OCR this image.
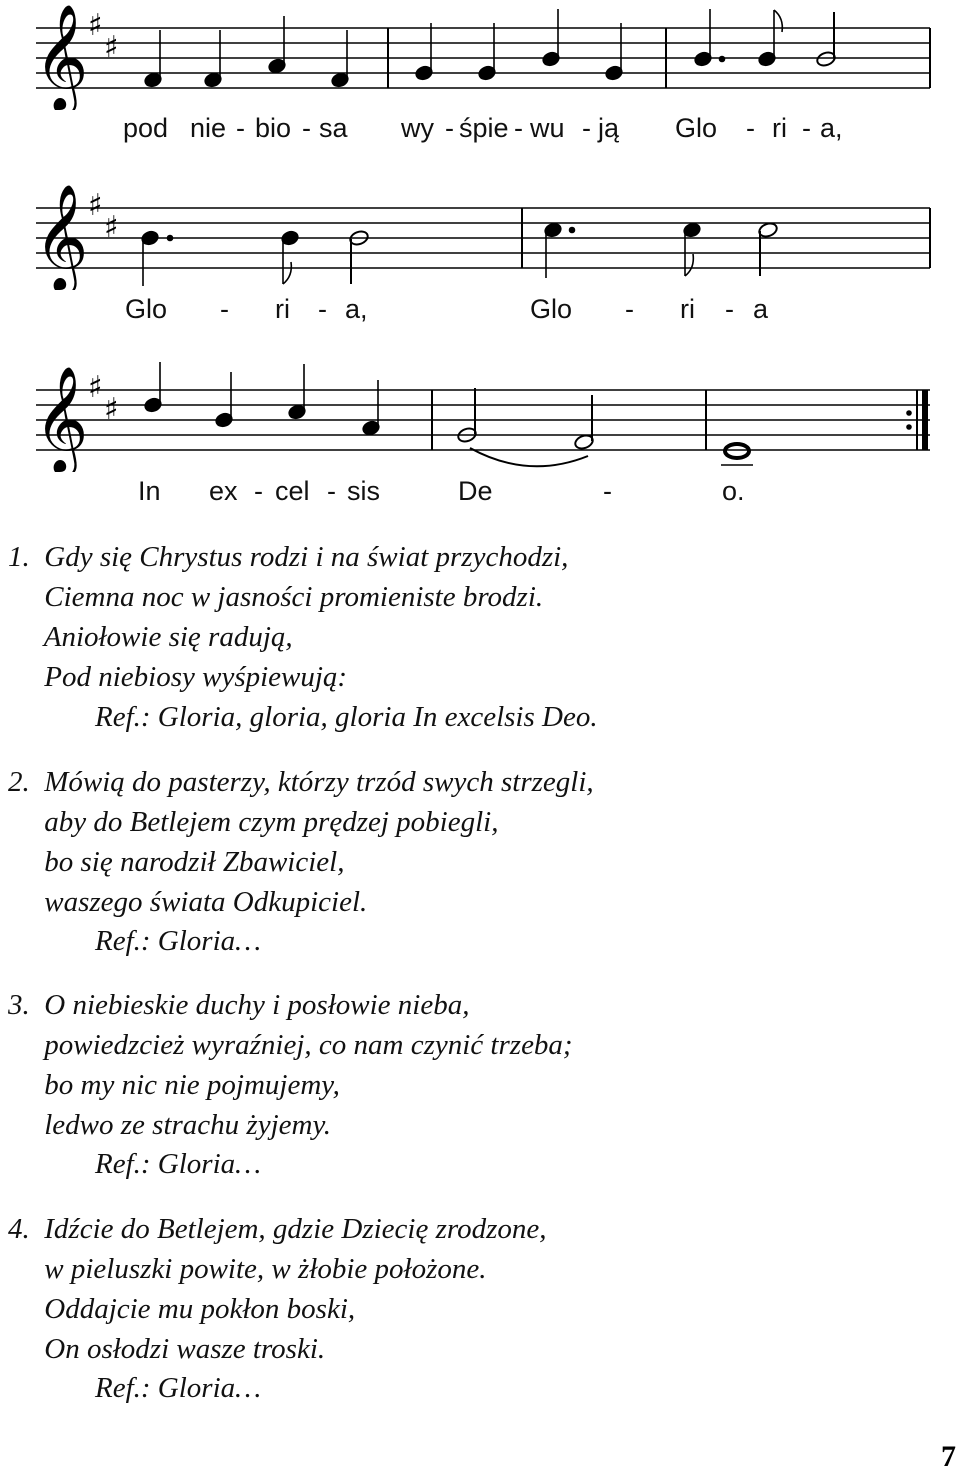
𝄞 ♯
♯
pod nie - bio - sa wy - śpie - wu - ją Glo - ri - a,
𝄞 ♯
♯
Glo - ri - a,	Glo - ri - a
𝄞 ♯
♯
In ex - cel - sis	De	-	o.
1.  Gdy się Chrystus rodzi i na świat przychodzi,
Ciemna noc w jasności promieniste brodzi.
Aniołowie się radują,
Pod niebiosy wyśpiewują:
Ref.: Gloria, gloria, gloria In excelsis Deo.
2.  Mówią do pasterzy, którzy trzód swych strzegli,
aby do Betlejem czym prędzej pobiegli,
bo się narodził Zbawiciel,
waszego świata Odkupiciel.
Ref.: Gloria…
3.  O niebieskie duchy i posłowie nieba,
powiedzcież wyraźniej, co nam czynić trzeba;
bo my nic nie pojmujemy,
ledwo ze strachu żyjemy.
Ref.: Gloria…
4.  Idźcie do Betlejem, gdzie Dziecię zrodzone,
w pieluszki powite, w żłobie położone.
Oddajcie mu pokłon boski,
On osłodzi wasze troski.
Ref.: Gloria…
7
